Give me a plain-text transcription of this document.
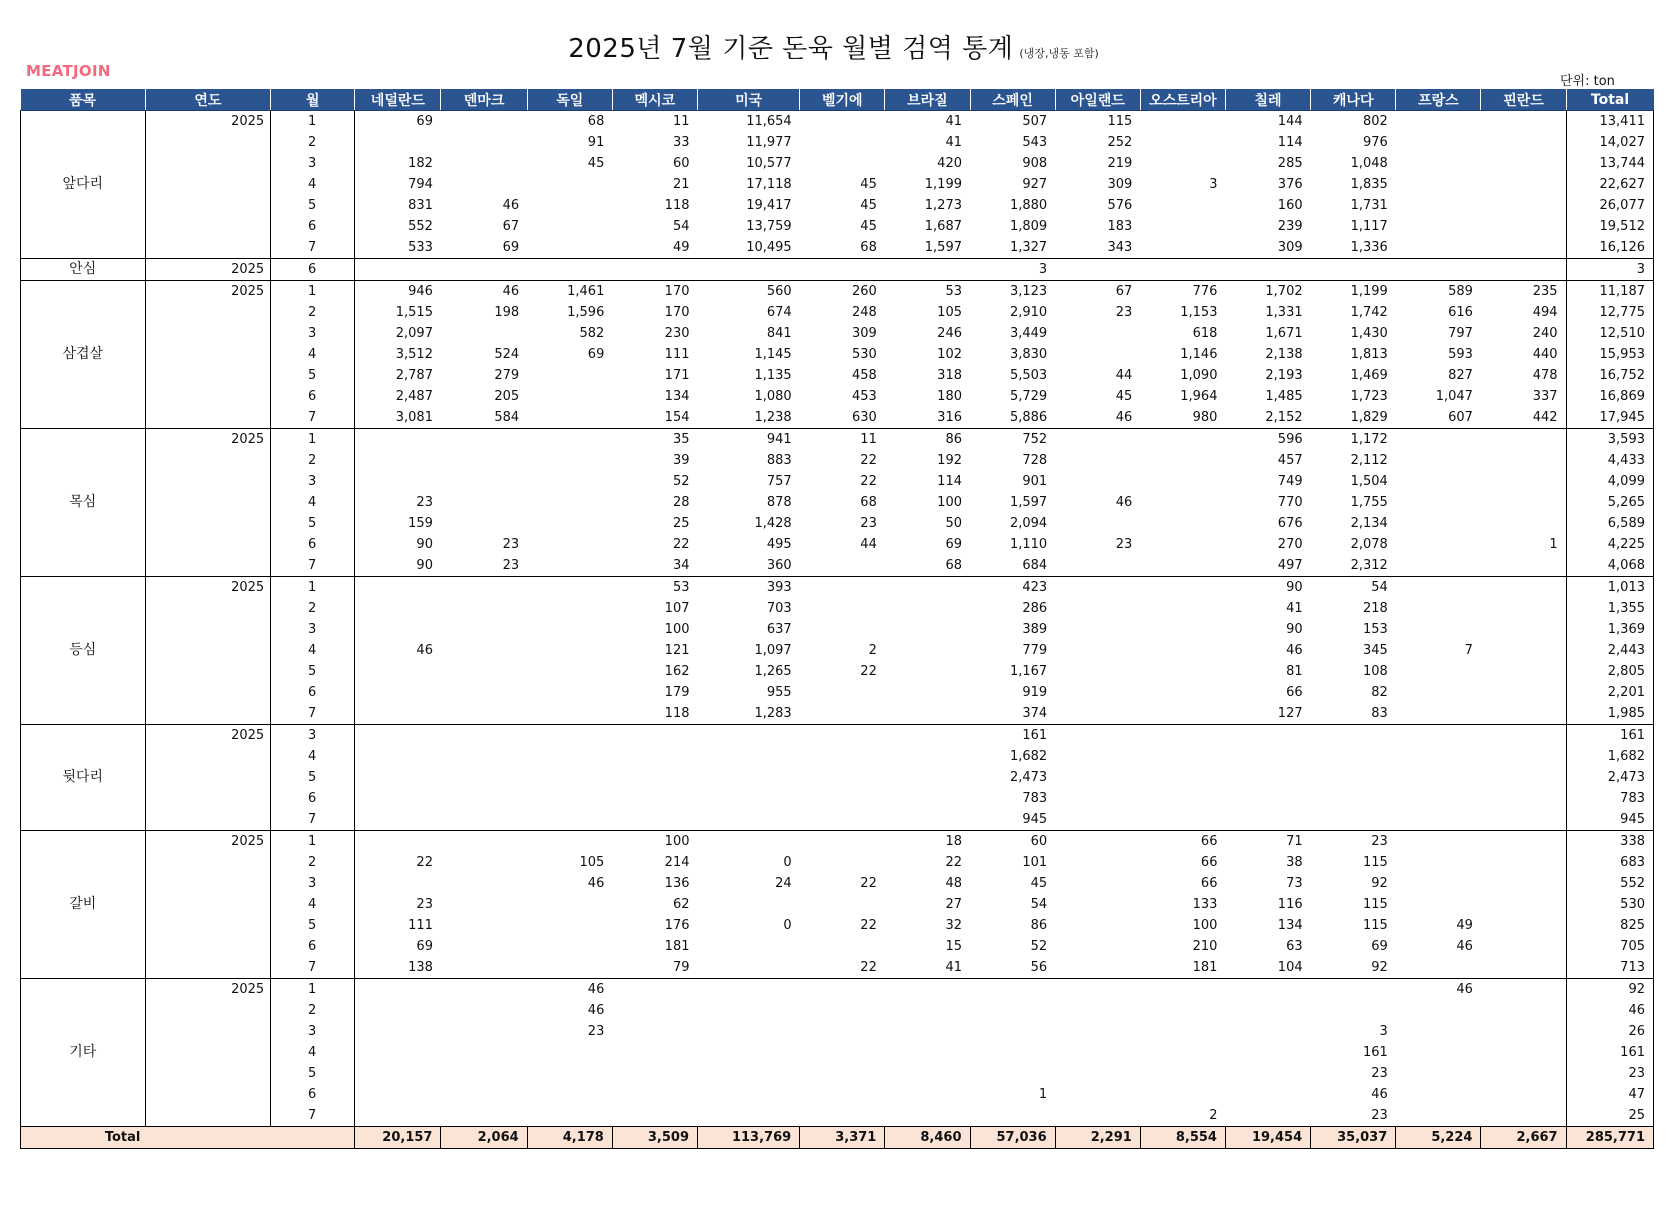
2025년 7월 기준 돈육 월별 검역 통계 (냉장,냉동 포함)
MEATJOIN
단위: ton
품목	연도	월	네덜란드	덴마크	독일	멕시코	미국	벨기에	브라질	스페인	아일랜드	오스트리아	칠레	캐나다	프랑스	핀란드	Total
앞다리	2025	1	69		68	11	11,654		41	507	115		144	802			13,411
		2			91	33	11,977		41	543	252		114	976			14,027
		3	182		45	60	10,577		420	908	219		285	1,048			13,744
		4	794			21	17,118	45	1,199	927	309	3	376	1,835			22,627
		5	831	46		118	19,417	45	1,273	1,880	576		160	1,731			26,077
		6	552	67		54	13,759	45	1,687	1,809	183		239	1,117			19,512
		7	533	69		49	10,495	68	1,597	1,327	343		309	1,336			16,126
안심	2025	6								3							3
삼겹살	2025	1	946	46	1,461	170	560	260	53	3,123	67	776	1,702	1,199	589	235	11,187
		2	1,515	198	1,596	170	674	248	105	2,910	23	1,153	1,331	1,742	616	494	12,775
		3	2,097		582	230	841	309	246	3,449		618	1,671	1,430	797	240	12,510
		4	3,512	524	69	111	1,145	530	102	3,830		1,146	2,138	1,813	593	440	15,953
		5	2,787	279		171	1,135	458	318	5,503	44	1,090	2,193	1,469	827	478	16,752
		6	2,487	205		134	1,080	453	180	5,729	45	1,964	1,485	1,723	1,047	337	16,869
		7	3,081	584		154	1,238	630	316	5,886	46	980	2,152	1,829	607	442	17,945
목심	2025	1				35	941	11	86	752			596	1,172			3,593
		2				39	883	22	192	728			457	2,112			4,433
		3				52	757	22	114	901			749	1,504			4,099
		4	23			28	878	68	100	1,597	46		770	1,755			5,265
		5	159			25	1,428	23	50	2,094			676	2,134			6,589
		6	90	23		22	495	44	69	1,110	23		270	2,078		1	4,225
		7	90	23		34	360		68	684			497	2,312			4,068
등심	2025	1				53	393			423			90	54			1,013
		2				107	703			286			41	218			1,355
		3				100	637			389			90	153			1,369
		4	46			121	1,097	2		779			46	345	7		2,443
		5				162	1,265	22		1,167			81	108			2,805
		6				179	955			919			66	82			2,201
		7				118	1,283			374			127	83			1,985
뒷다리	2025	3								161							161
		4								1,682							1,682
		5								2,473							2,473
		6								783							783
		7								945							945
갈비	2025	1				100			18	60		66	71	23			338
		2	22		105	214	0		22	101		66	38	115			683
		3			46	136	24	22	48	45		66	73	92			552
		4	23			62			27	54		133	116	115			530
		5	111			176	0	22	32	86		100	134	115	49		825
		6	69			181			15	52		210	63	69	46		705
		7	138			79		22	41	56		181	104	92			713
기타	2025	1			46										46		92
		2			46												46
		3			23									3			26
		4												161			161
		5												23			23
		6								1				46			47
		7										2		23			25
Total			20,157	2,064	4,178	3,509	113,769	3,371	8,460	57,036	2,291	8,554	19,454	35,037	5,224	2,667	285,771
